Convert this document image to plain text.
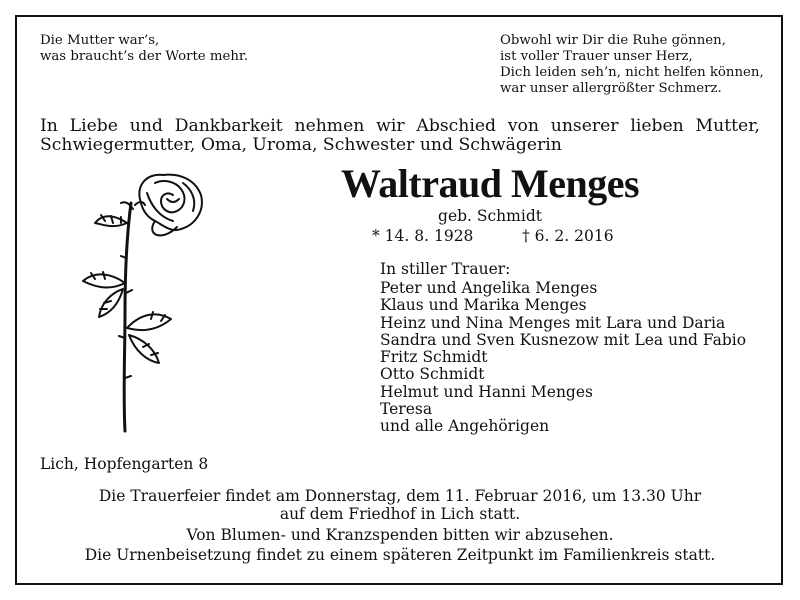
Die Mutter war’s,
was braucht’s der Worte mehr.
Obwohl wir Dir die Ruhe gönnen,
ist voller Trauer unser Herz,
Dich leiden seh’n, nicht helfen können,
war unser allergrößter Schmerz.

In Liebe und Dankbarkeit nehmen wir Abschied von unserer lieben Mutter, Schwiegermutter, Oma, Uroma, Schwester und Schwägerin

Waltraud Menges
geb. Schmidt
* 14. 8. 1928	† 6. 2. 2016
In stiller Trauer:
Peter und Angelika Menges
Klaus und Marika Menges
Heinz und Nina Menges mit Lara und Daria
Sandra und Sven Kusnezow mit Lea und Fabio
Fritz Schmidt
Otto Schmidt
Helmut und Hanni Menges
Teresa
und alle Angehörigen
Lich, Hopfengarten 8
Die Trauerfeier findet am Donnerstag, dem 11. Februar 2016, um 13.30 Uhr
auf dem Friedhof in Lich statt.
Von Blumen- und Kranzspenden bitten wir abzusehen.
Die Urnenbeisetzung findet zu einem späteren Zeitpunkt im Familienkreis statt.
